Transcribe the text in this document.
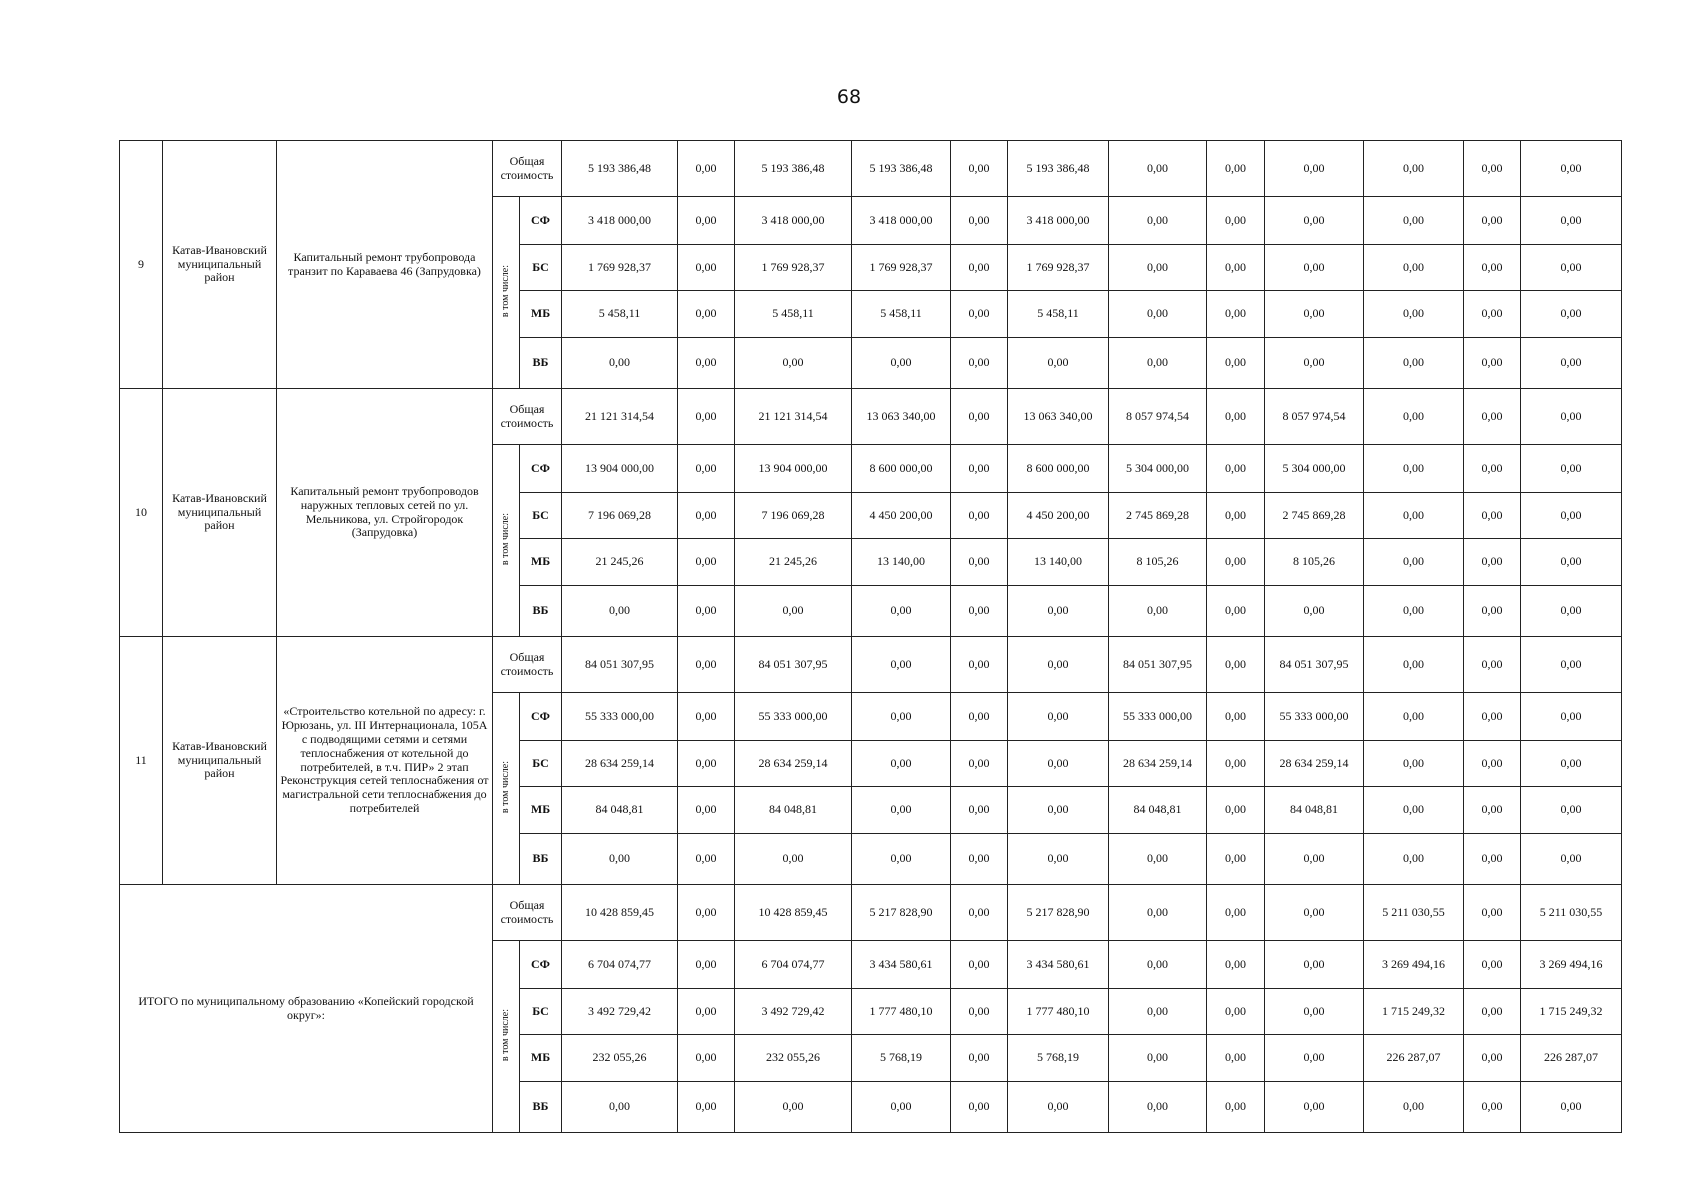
68
9	Катав-Ивановский муниципальный район	Капитальный ремонт трубопровода транзит по Караваева 46 (Запрудовка)	Общая стоимость		5 193 386,48	0,00	5 193 386,48	5 193 386,48	0,00	5 193 386,48	0,00	0,00	0,00	0,00	0,00	0,00
			в том числе:	СФ	3 418 000,00	0,00	3 418 000,00	3 418 000,00	0,00	3 418 000,00	0,00	0,00	0,00	0,00	0,00	0,00
				БС	1 769 928,37	0,00	1 769 928,37	1 769 928,37	0,00	1 769 928,37	0,00	0,00	0,00	0,00	0,00	0,00
				МБ	5 458,11	0,00	5 458,11	5 458,11	0,00	5 458,11	0,00	0,00	0,00	0,00	0,00	0,00
				ВБ	0,00	0,00	0,00	0,00	0,00	0,00	0,00	0,00	0,00	0,00	0,00	0,00
10	Катав-Ивановский муниципальный район	Капитальный ремонт трубопроводов наружных тепловых сетей по ул. Мельникова, ул. Стройгородок (Запрудовка)	Общая стоимость		21 121 314,54	0,00	21 121 314,54	13 063 340,00	0,00	13 063 340,00	8 057 974,54	0,00	8 057 974,54	0,00	0,00	0,00
			в том числе:	СФ	13 904 000,00	0,00	13 904 000,00	8 600 000,00	0,00	8 600 000,00	5 304 000,00	0,00	5 304 000,00	0,00	0,00	0,00
				БС	7 196 069,28	0,00	7 196 069,28	4 450 200,00	0,00	4 450 200,00	2 745 869,28	0,00	2 745 869,28	0,00	0,00	0,00
				МБ	21 245,26	0,00	21 245,26	13 140,00	0,00	13 140,00	8 105,26	0,00	8 105,26	0,00	0,00	0,00
				ВБ	0,00	0,00	0,00	0,00	0,00	0,00	0,00	0,00	0,00	0,00	0,00	0,00
11	Катав-Ивановский муниципальный район	«Строительство котельной по адресу: г. Юрюзань, ул. III Интернационала, 105А с подводящими сетями и сетями теплоснабжения от котельной до потребителей, в т.ч. ПИР» 2 этап Реконструкция сетей теплоснабжения от магистральной сети теплоснабжения до потребителей	Общая стоимость		84 051 307,95	0,00	84 051 307,95	0,00	0,00	0,00	84 051 307,95	0,00	84 051 307,95	0,00	0,00	0,00
			в том числе:	СФ	55 333 000,00	0,00	55 333 000,00	0,00	0,00	0,00	55 333 000,00	0,00	55 333 000,00	0,00	0,00	0,00
				БС	28 634 259,14	0,00	28 634 259,14	0,00	0,00	0,00	28 634 259,14	0,00	28 634 259,14	0,00	0,00	0,00
				МБ	84 048,81	0,00	84 048,81	0,00	0,00	0,00	84 048,81	0,00	84 048,81	0,00	0,00	0,00
				ВБ	0,00	0,00	0,00	0,00	0,00	0,00	0,00	0,00	0,00	0,00	0,00	0,00
ИТОГО по муниципальному образованию «Копейский городской округ»:			Общая стоимость		10 428 859,45	0,00	10 428 859,45	5 217 828,90	0,00	5 217 828,90	0,00	0,00	0,00	5 211 030,55	0,00	5 211 030,55
			в том числе:	СФ	6 704 074,77	0,00	6 704 074,77	3 434 580,61	0,00	3 434 580,61	0,00	0,00	0,00	3 269 494,16	0,00	3 269 494,16
				БС	3 492 729,42	0,00	3 492 729,42	1 777 480,10	0,00	1 777 480,10	0,00	0,00	0,00	1 715 249,32	0,00	1 715 249,32
				МБ	232 055,26	0,00	232 055,26	5 768,19	0,00	5 768,19	0,00	0,00	0,00	226 287,07	0,00	226 287,07
				ВБ	0,00	0,00	0,00	0,00	0,00	0,00	0,00	0,00	0,00	0,00	0,00	0,00
